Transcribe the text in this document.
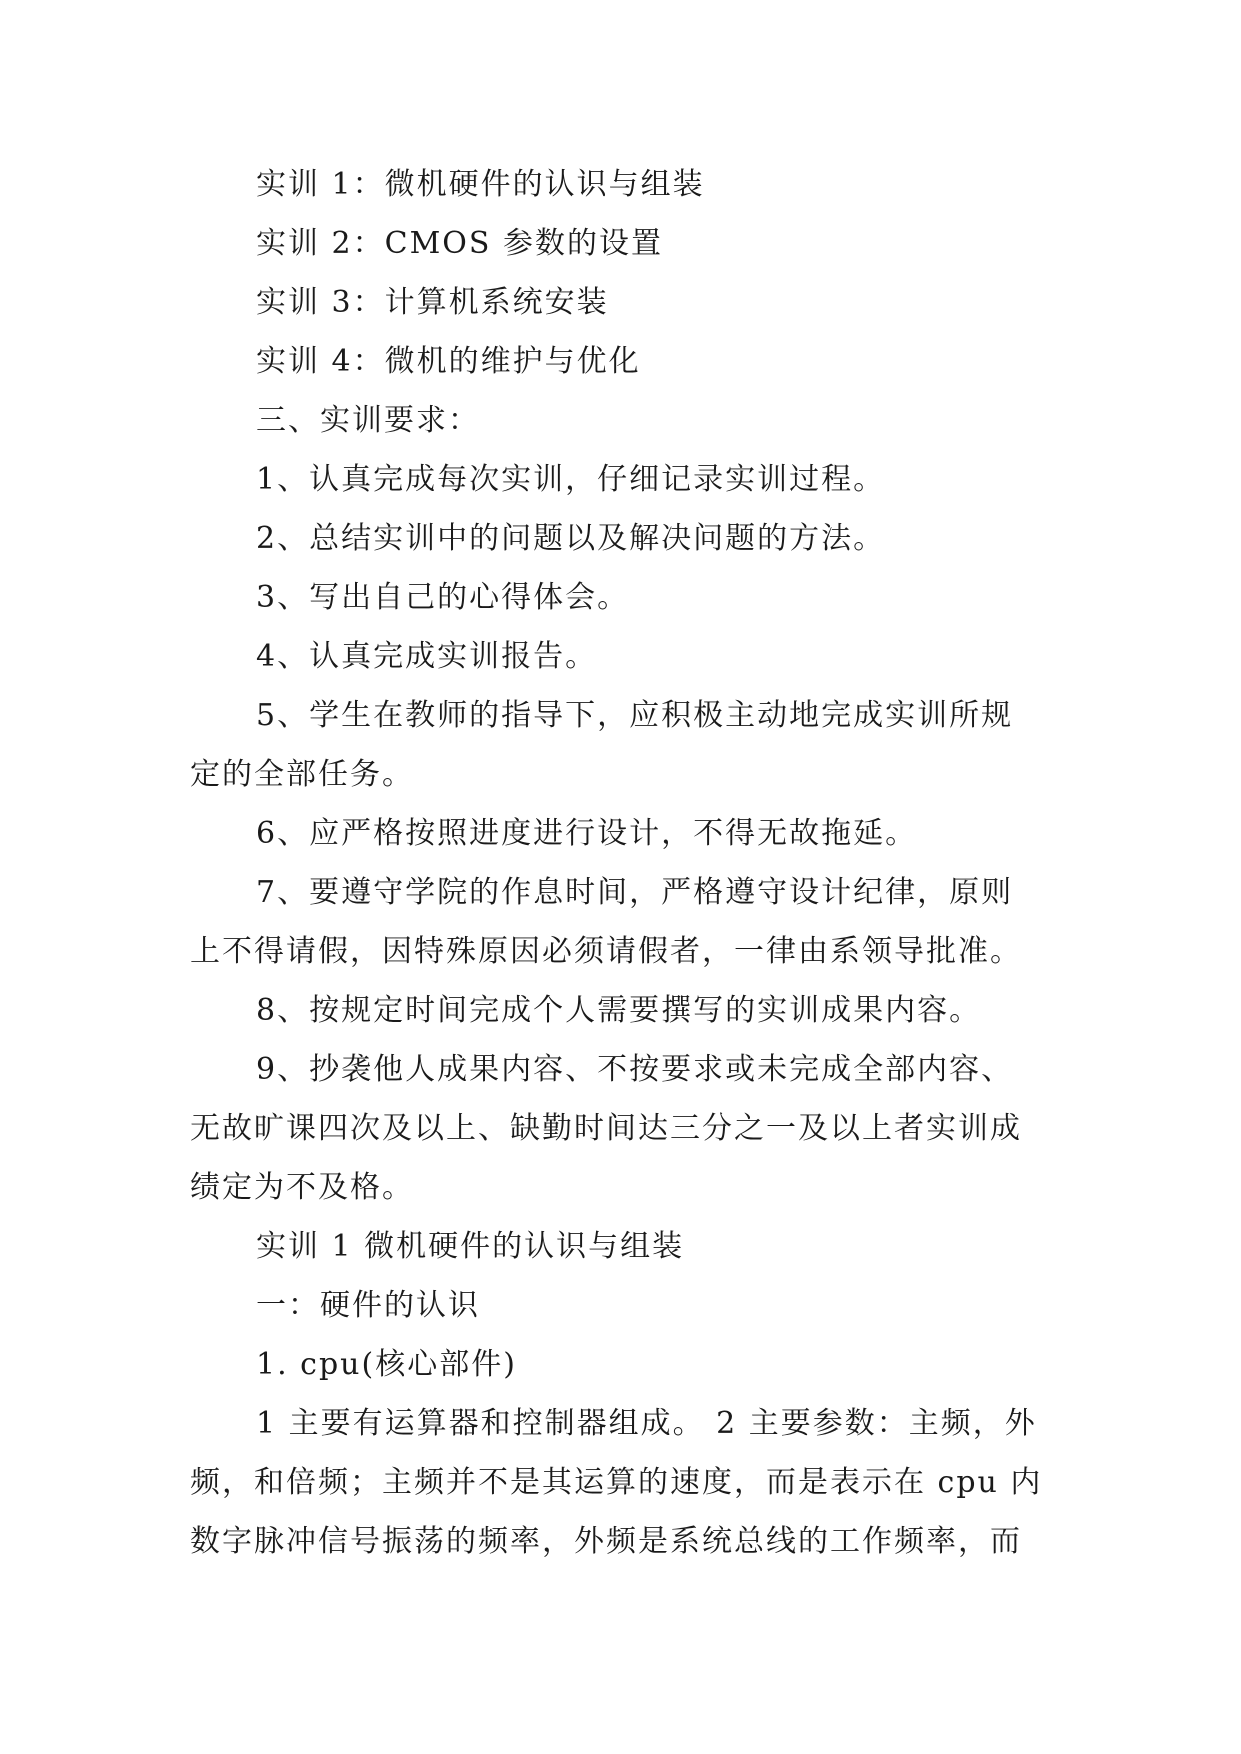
实训 1：微机硬件的认识与组装
实训 2：CMOS 参数的设置
实训 3：计算机系统安装
实训 4：微机的维护与优化
三、实训要求：
1、认真完成每次实训，仔细记录实训过程。
2、总结实训中的问题以及解决问题的方法。
3、写出自己的心得体会。
4、认真完成实训报告。
5、学生在教师的指导下，应积极主动地完成实训所规
定的全部任务。
6、应严格按照进度进行设计，不得无故拖延。
7、要遵守学院的作息时间，严格遵守设计纪律，原则
上不得请假，因特殊原因必须请假者，一律由系领导批准。
8、按规定时间完成个人需要撰写的实训成果内容。
9、抄袭他人成果内容、不按要求或未完成全部内容、
无故旷课四次及以上、缺勤时间达三分之一及以上者实训成
绩定为不及格。
实训 1 微机硬件的认识与组装
一：硬件的认识
1. cpu(核心部件)
1 主要有运算器和控制器组成。 2 主要参数：主频，外
频，和倍频；主频并不是其运算的速度，而是表示在 cpu 内
数字脉冲信号振荡的频率，外频是系统总线的工作频率，而
